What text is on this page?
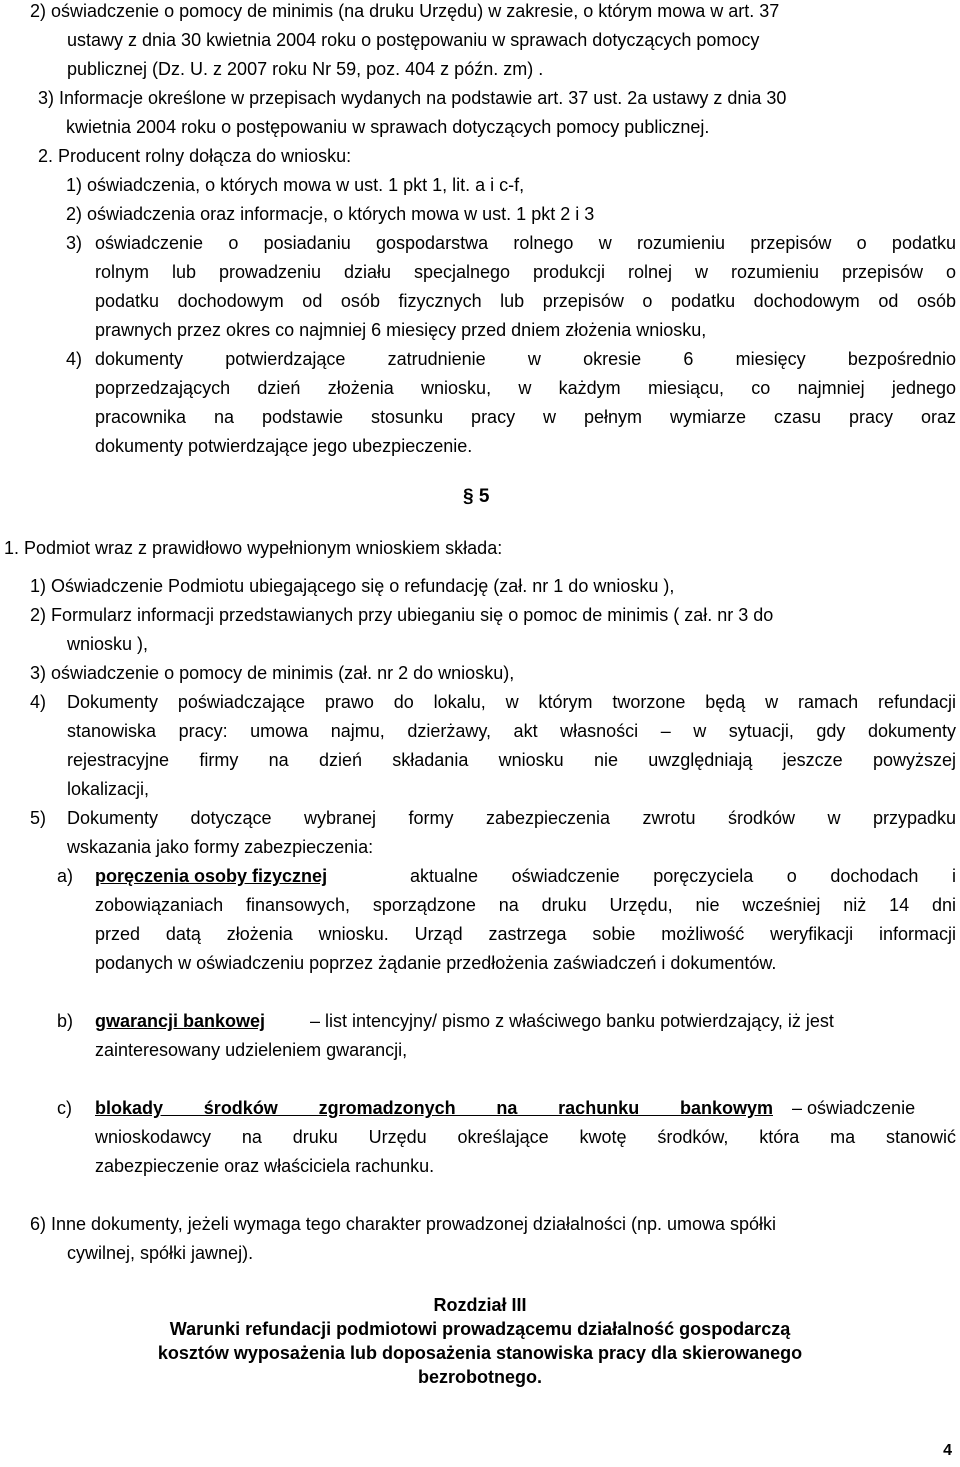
2) oświadczenie o pomocy de minimis (na druku Urzędu) w zakresie, o którym mowa w art. 37

ustawy z dnia 30 kwietnia 2004 roku o postępowaniu w sprawach dotyczących pomocy

publicznej (Dz. U. z 2007 roku Nr 59, poz. 404 z późn. zm) .

3) Informacje określone w przepisach wydanych na podstawie art. 37 ust. 2a ustawy z dnia 30

kwietnia 2004 roku o postępowaniu w sprawach dotyczących pomocy publicznej.

2. Producent rolny dołącza do wniosku:

1) oświadczenia, o których mowa w ust. 1 pkt 1, lit. a i c-f,

2) oświadczenia oraz informacje, o których mowa w ust. 1 pkt 2 i 3

3) oświadczenie o posiadaniu gospodarstwa rolnego w rozumieniu przepisów o podatku

rolnym lub prowadzeniu działu specjalnego produkcji rolnej w rozumieniu przepisów o

podatku dochodowym od osób fizycznych lub przepisów o podatku dochodowym od osób

prawnych przez okres co najmniej 6 miesięcy przed dniem złożenia wniosku,

4) dokumenty potwierdzające zatrudnienie w okresie 6 miesięcy bezpośrednio

poprzedzających dzień złożenia wniosku, w każdym miesiącu, co najmniej jednego

pracownika na podstawie stosunku pracy w pełnym wymiarze czasu pracy oraz

dokumenty potwierdzające jego ubezpieczenie.

§ 5

1. Podmiot wraz z prawidłowo wypełnionym wnioskiem składa:

1) Oświadczenie Podmiotu ubiegającego się o refundację (zał. nr 1 do wniosku ),

2) Formularz informacji przedstawianych przy ubieganiu się o pomoc de minimis ( zał. nr 3 do

wniosku ),

3) oświadczenie o pomocy de minimis (zał. nr 2 do wniosku),

4) Dokumenty poświadczające prawo do lokalu, w którym tworzone będą w ramach refundacji

stanowiska pracy: umowa najmu, dzierżawy, akt własności – w sytuacji, gdy dokumenty

rejestracyjne firmy na dzień składania wniosku nie uwzględniają jeszcze powyższej

lokalizacji,

5) Dokumenty dotyczące wybranej formy zabezpieczenia zwrotu środków w przypadku

wskazania jako formy zabezpieczenia:

a) poręczenia osoby fizycznej	aktualne oświadczenie poręczyciela o dochodach i

zobowiązaniach finansowych, sporządzone na druku Urzędu, nie wcześniej niż 14 dni

przed datą złożenia wniosku. Urząd zastrzega sobie możliwość weryfikacji informacji

podanych w oświadczeniu poprzez żądanie przedłożenia zaświadczeń i dokumentów.

b) gwarancji bankowej – list intencyjny/ pismo z właściwego banku potwierdzający, iż jest

zainteresowany udzieleniem gwarancji,

c) blokady środków zgromadzonych na rachunku bankowym – oświadczenie

wnioskodawcy na druku Urzędu określające kwotę środków, która ma stanowić

zabezpieczenie oraz właściciela rachunku.

6) Inne dokumenty, jeżeli wymaga tego charakter prowadzonej działalności (np. umowa spółki

cywilnej, spółki jawnej).

Rozdział III

Warunki refundacji podmiotowi prowadzącemu działalność gospodarczą

kosztów wyposażenia lub doposażenia stanowiska pracy dla skierowanego

bezrobotnego.

4
